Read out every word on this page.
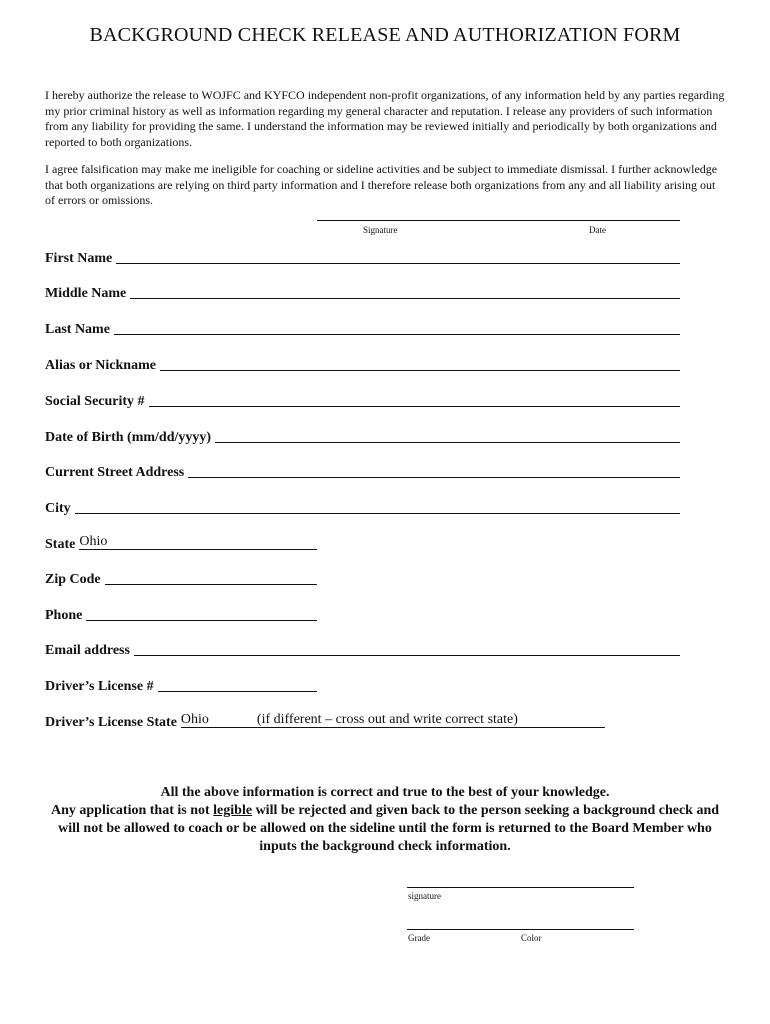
BACKGROUND CHECK RELEASE AND AUTHORIZATION FORM
I hereby authorize the release to WOJFC and KYFCO independent non-profit organizations, of any information held by any parties regarding my prior criminal history as well as information regarding my general character and reputation. I release any providers of such information from any liability for providing the same. I understand the information may be reviewed initially and periodically by both organizations and reported to both organizations.
I agree falsification may make me ineligible for coaching or sideline activities and be subject to immediate dismissal. I further acknowledge that both organizations are relying on third party information and I therefore release both organizations from any and all liability arising out of errors or omissions.
Signature	Date
First Name
Middle Name
Last Name
Alias or Nickname
Social Security #
Date of Birth (mm/dd/yyyy)
Current Street Address
City
State Ohio
Zip Code
Phone
Email address
Driver’s License #
Driver’s License State Ohio	(if different – cross out and write correct state)
All the above information is correct and true to the best of your knowledge.
Any application that is not legible will be rejected and given back to the person seeking a background check and will not be allowed to coach or be allowed on the sideline until the form is returned to the Board Member who inputs the background check information.
signature
Grade	Color
